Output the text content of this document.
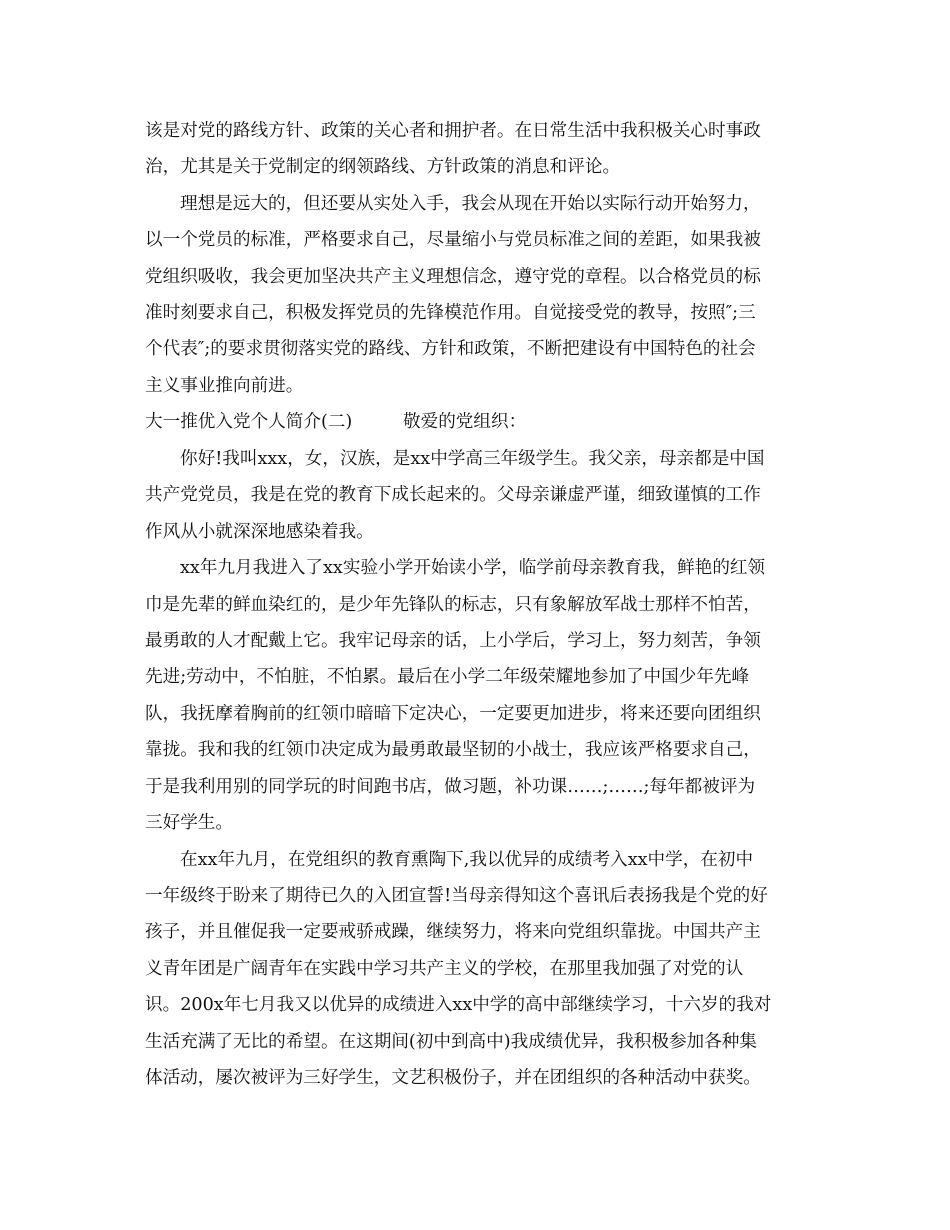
该是对党的路线方针、政策的关心者和拥护者。在日常生活中我积极关心时事政
治，尤其是关于党制定的纲领路线、方针政策的消息和评论。
理想是远大的，但还要从实处入手，我会从现在开始以实际行动开始努力，
以一个党员的标准，严格要求自己，尽量缩小与党员标准之间的差距，如果我被
党组织吸收，我会更加坚决共产主义理想信念，遵守党的章程。以合格党员的标
准时刻要求自己，积极发挥党员的先锋模范作用。自觉接受党的教导，按照″;三
个代表″;的要求贯彻落实党的路线、方针和政策，不断把建设有中国特色的社会
主义事业推向前进。

大一推优入党个人简介(二)

	敬爱的党组织：

你好!我叫xxx，女，汉族，是xx中学高三年级学生。我父亲，母亲都是中国
共产党党员，我是在党的教育下成长起来的。父母亲谦虚严谨，细致谨慎的工作
作风从小就深深地感染着我。
xx年九月我进入了xx实验小学开始读小学，临学前母亲教育我，鲜艳的红领
巾是先辈的鲜血染红的，是少年先锋队的标志，只有象解放军战士那样不怕苦，
最勇敢的人才配戴上它。我牢记母亲的话，上小学后，学习上，努力刻苦，争领
先进;劳动中，不怕脏，不怕累。最后在小学二年级荣耀地参加了中国少年先峰
队，我抚摩着胸前的红领巾暗暗下定决心，一定要更加进步，将来还要向团组织
靠拢。我和我的红领巾决定成为最勇敢最坚韧的小战士，我应该严格要求自己，
于是我利用别的同学玩的时间跑书店，做习题，补功课……;……;每年都被评为
三好学生。
在xx年九月，在党组织的教育熏陶下,我以优异的成绩考入xx中学，在初中
一年级终于盼来了期待已久的入团宣誓!当母亲得知这个喜讯后表扬我是个党的好
孩子，并且催促我一定要戒骄戒躁，继续努力，将来向党组织靠拢。中国共产主
义青年团是广阔青年在实践中学习共产主义的学校，在那里我加强了对党的认
识。200x年七月我又以优异的成绩进入xx中学的高中部继续学习，十六岁的我对
生活充满了无比的希望。在这期间(初中到高中)我成绩优异，我积极参加各种集
体活动，屡次被评为三好学生，文艺积极份子，并在团组织的各种活动中获奖。
